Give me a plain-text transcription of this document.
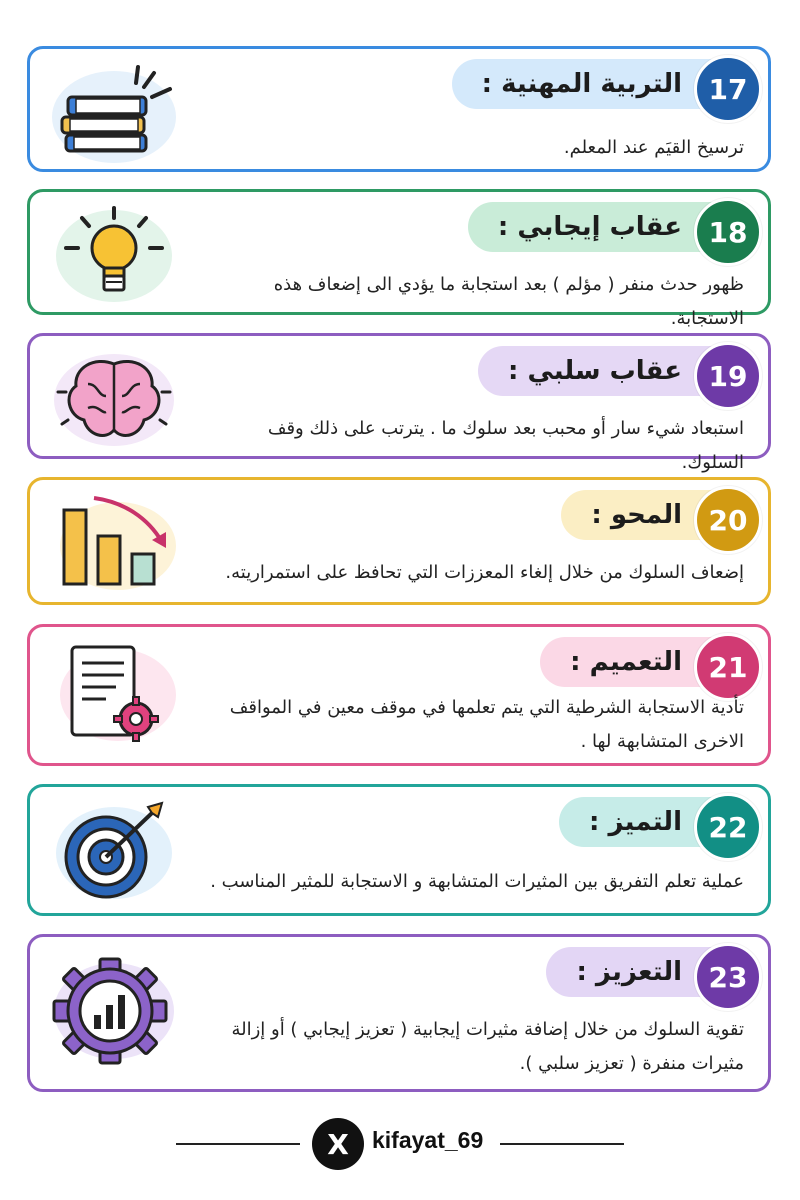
التربية المهنية : 17
ترسيخ القيَم عند المعلم.
عقاب إيجابي : 18
ظهور حدث منفر ( مؤلم ) بعد استجابة ما يؤدي الى إضعاف هذه الاستجابة.
عقاب سلبي : 19
استبعاد شيء سار أو محبب بعد سلوك ما . يترتب على ذلك وقف السلوك.
المحو : 20
إضعاف السلوك من خلال إلغاء المعززات التي تحافظ على استمراريته.
التعميم : 21
تأدية الاستجابة الشرطية التي يتم تعلمها في موقف معين في المواقف الاخرى المتشابهة لها .
التميز : 22
عملية تعلم التفريق بين المثيرات المتشابهة و الاستجابة للمثير المناسب .
التعزيز : 23
تقوية السلوك من خلال إضافة مثيرات إيجابية ( تعزيز إيجابي ) أو إزالة مثيرات منفرة ( تعزيز سلبي ).
X kifayat_69
